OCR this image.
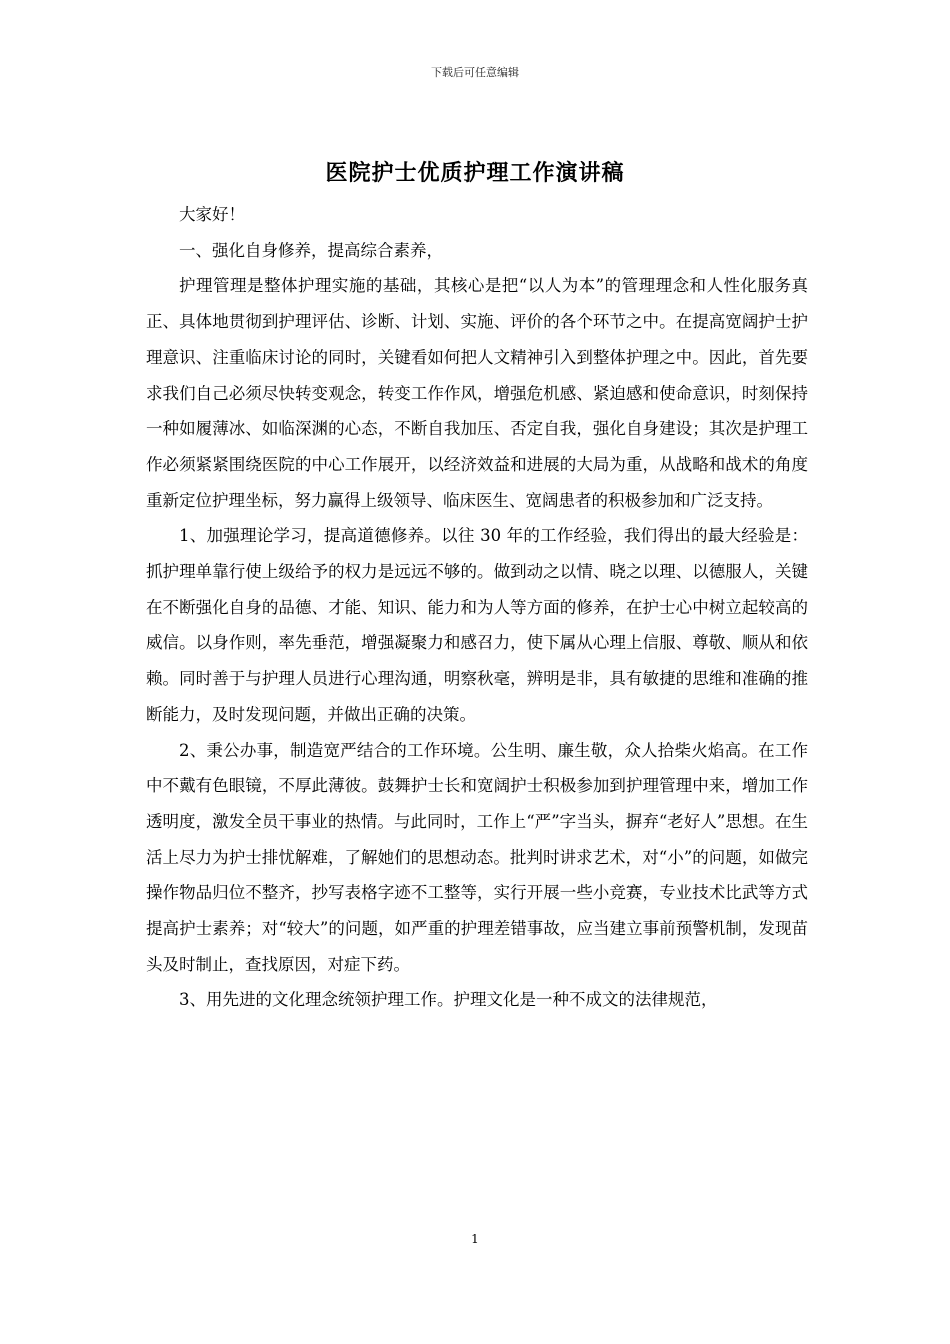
下载后可任意编辑
医院护士优质护理工作演讲稿

大家好！

一、强化自身修养，提高综合素养，

护理管理是整体护理实施的基础，其核心是把“以人为本”的管理理念和人性化服务真正、具体地贯彻到护理评估、诊断、计划、实施、评价的各个环节之中。在提高宽阔护士护理意识、注重临床讨论的同时，关键看如何把人文精神引入到整体护理之中。因此，首先要求我们自己必须尽快转变观念，转变工作作风，增强危机感、紧迫感和使命意识，时刻保持一种如履薄冰、如临深渊的心态，不断自我加压、否定自我，强化自身建设；其次是护理工作必须紧紧围绕医院的中心工作展开，以经济效益和进展的大局为重，从战略和战术的角度重新定位护理坐标，努力赢得上级领导、临床医生、宽阔患者的积极参加和广泛支持。

1、加强理论学习，提高道德修养。以往 30 年的工作经验，我们得出的最大经验是：抓护理单靠行使上级给予的权力是远远不够的。做到动之以情、晓之以理、以德服人，关键在不断强化自身的品德、才能、知识、能力和为人等方面的修养，在护士心中树立起较高的威信。以身作则，率先垂范，增强凝聚力和感召力，使下属从心理上信服、尊敬、顺从和依赖。同时善于与护理人员进行心理沟通，明察秋毫，辨明是非，具有敏捷的思维和准确的推断能力，及时发现问题，并做出正确的决策。

2、秉公办事，制造宽严结合的工作环境。公生明、廉生敬，众人拾柴火焰高。在工作中不戴有色眼镜，不厚此薄彼。鼓舞护士长和宽阔护士积极参加到护理管理中来，增加工作透明度，激发全员干事业的热情。与此同时，工作上“严”字当头，摒弃“老好人”思想。在生活上尽力为护士排忧解难，了解她们的思想动态。批判时讲求艺术，对“小”的问题，如做完操作物品归位不整齐，抄写表格字迹不工整等，实行开展一些小竞赛，专业技术比武等方式提高护士素养；对“较大”的问题，如严重的护理差错事故，应当建立事前预警机制，发现苗头及时制止，查找原因，对症下药。

3、用先进的文化理念统领护理工作。护理文化是一种不成文的法律规范，

1
